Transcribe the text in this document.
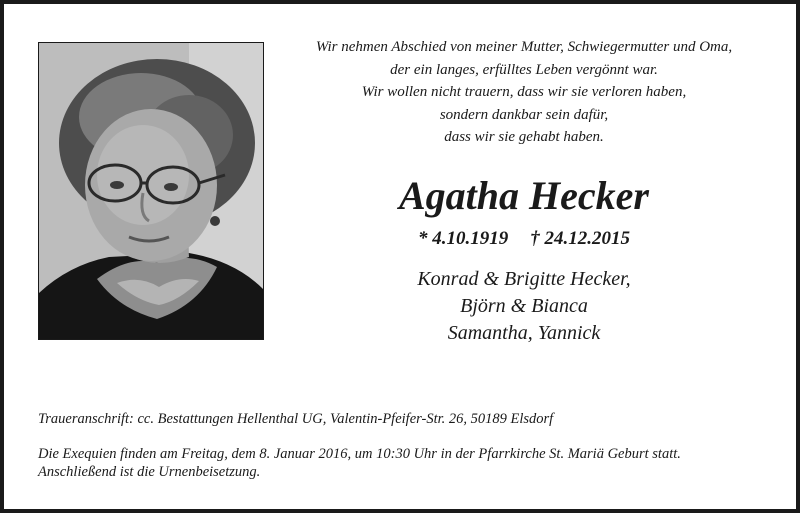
Wir nehmen Abschied von meiner Mutter, Schwiegermutter und Oma,
der ein langes, erfülltes Leben vergönnt war.
Wir wollen nicht trauern, dass wir sie verloren haben,
sondern dankbar sein dafür,
dass wir sie gehabt haben.
Agatha Hecker
* 4.10.1919 † 24.12.2015
Konrad & Brigitte Hecker,
Björn & Bianca
Samantha, Yannick
Traueranschrift: cc. Bestattungen Hellenthal UG, Valentin-Pfeifer-Str. 26, 50189 Elsdorf
Die Exequien finden am Freitag, dem 8. Januar 2016, um 10:30 Uhr in der Pfarrkirche St. Mariä Geburt statt.
Anschließend ist die Urnenbeisetzung.
